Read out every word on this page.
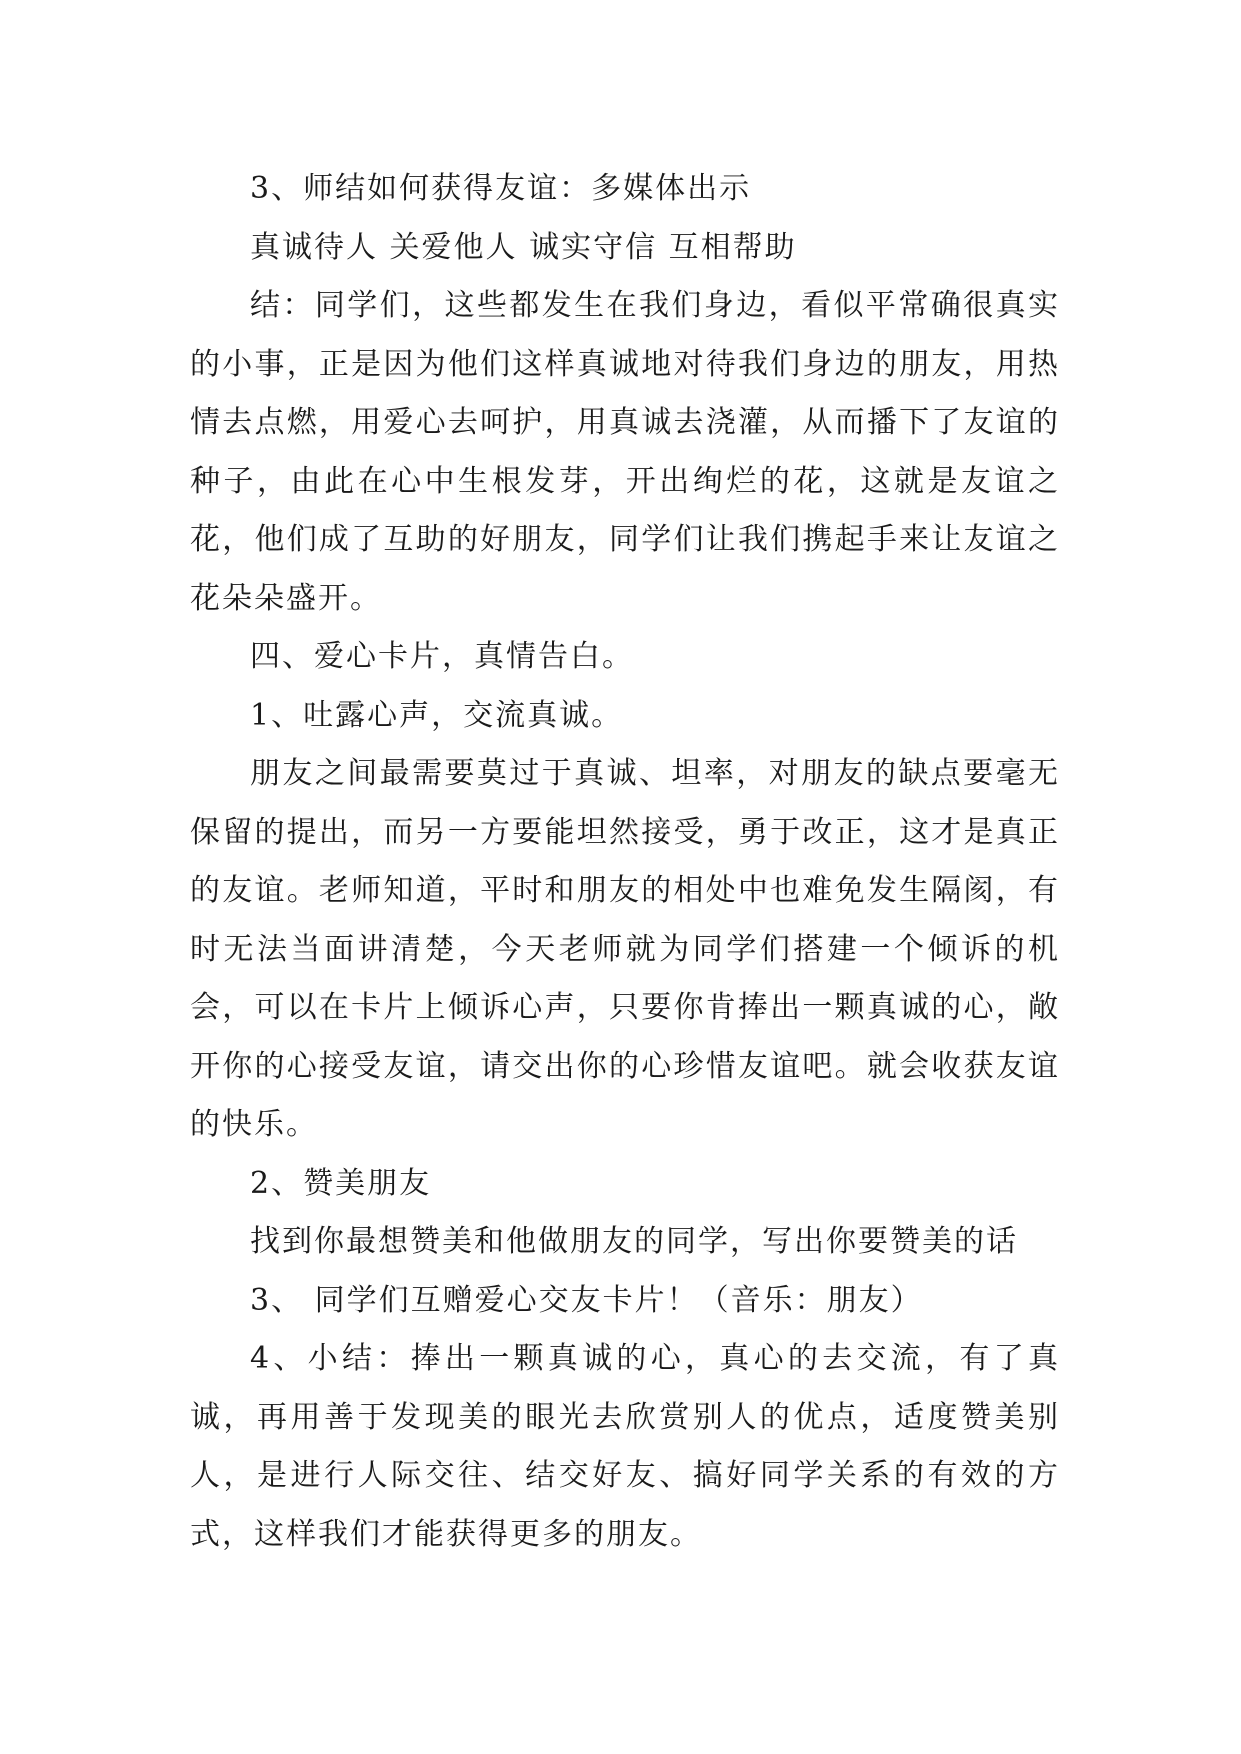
3、师结如何获得友谊：多媒体出示

真诚待人 关爱他人 诚实守信 互相帮助

结：同学们，这些都发生在我们身边，看似平常确很真实的小事，正是因为他们这样真诚地对待我们身边的朋友，用热情去点燃，用爱心去呵护，用真诚去浇灌，从而播下了友谊的种子，由此在心中生根发芽，开出绚烂的花，这就是友谊之花，他们成了互助的好朋友，同学们让我们携起手来让友谊之花朵朵盛开。

四、爱心卡片，真情告白。

1、吐露心声，交流真诚。

朋友之间最需要莫过于真诚、坦率，对朋友的缺点要毫无保留的提出，而另一方要能坦然接受，勇于改正，这才是真正的友谊。老师知道，平时和朋友的相处中也难免发生隔阂，有时无法当面讲清楚，今天老师就为同学们搭建一个倾诉的机会，可以在卡片上倾诉心声，只要你肯捧出一颗真诚的心，敞开你的心接受友谊，请交出你的心珍惜友谊吧。就会收获友谊的快乐。

2、赞美朋友

找到你最想赞美和他做朋友的同学，写出你要赞美的话

3、 同学们互赠爱心交友卡片！（音乐：朋友）

4、小结：捧出一颗真诚的心，真心的去交流，有了真诚，再用善于发现美的眼光去欣赏别人的优点，适度赞美别人，是进行人际交往、结交好友、搞好同学关系的有效的方式，这样我们才能获得更多的朋友。
